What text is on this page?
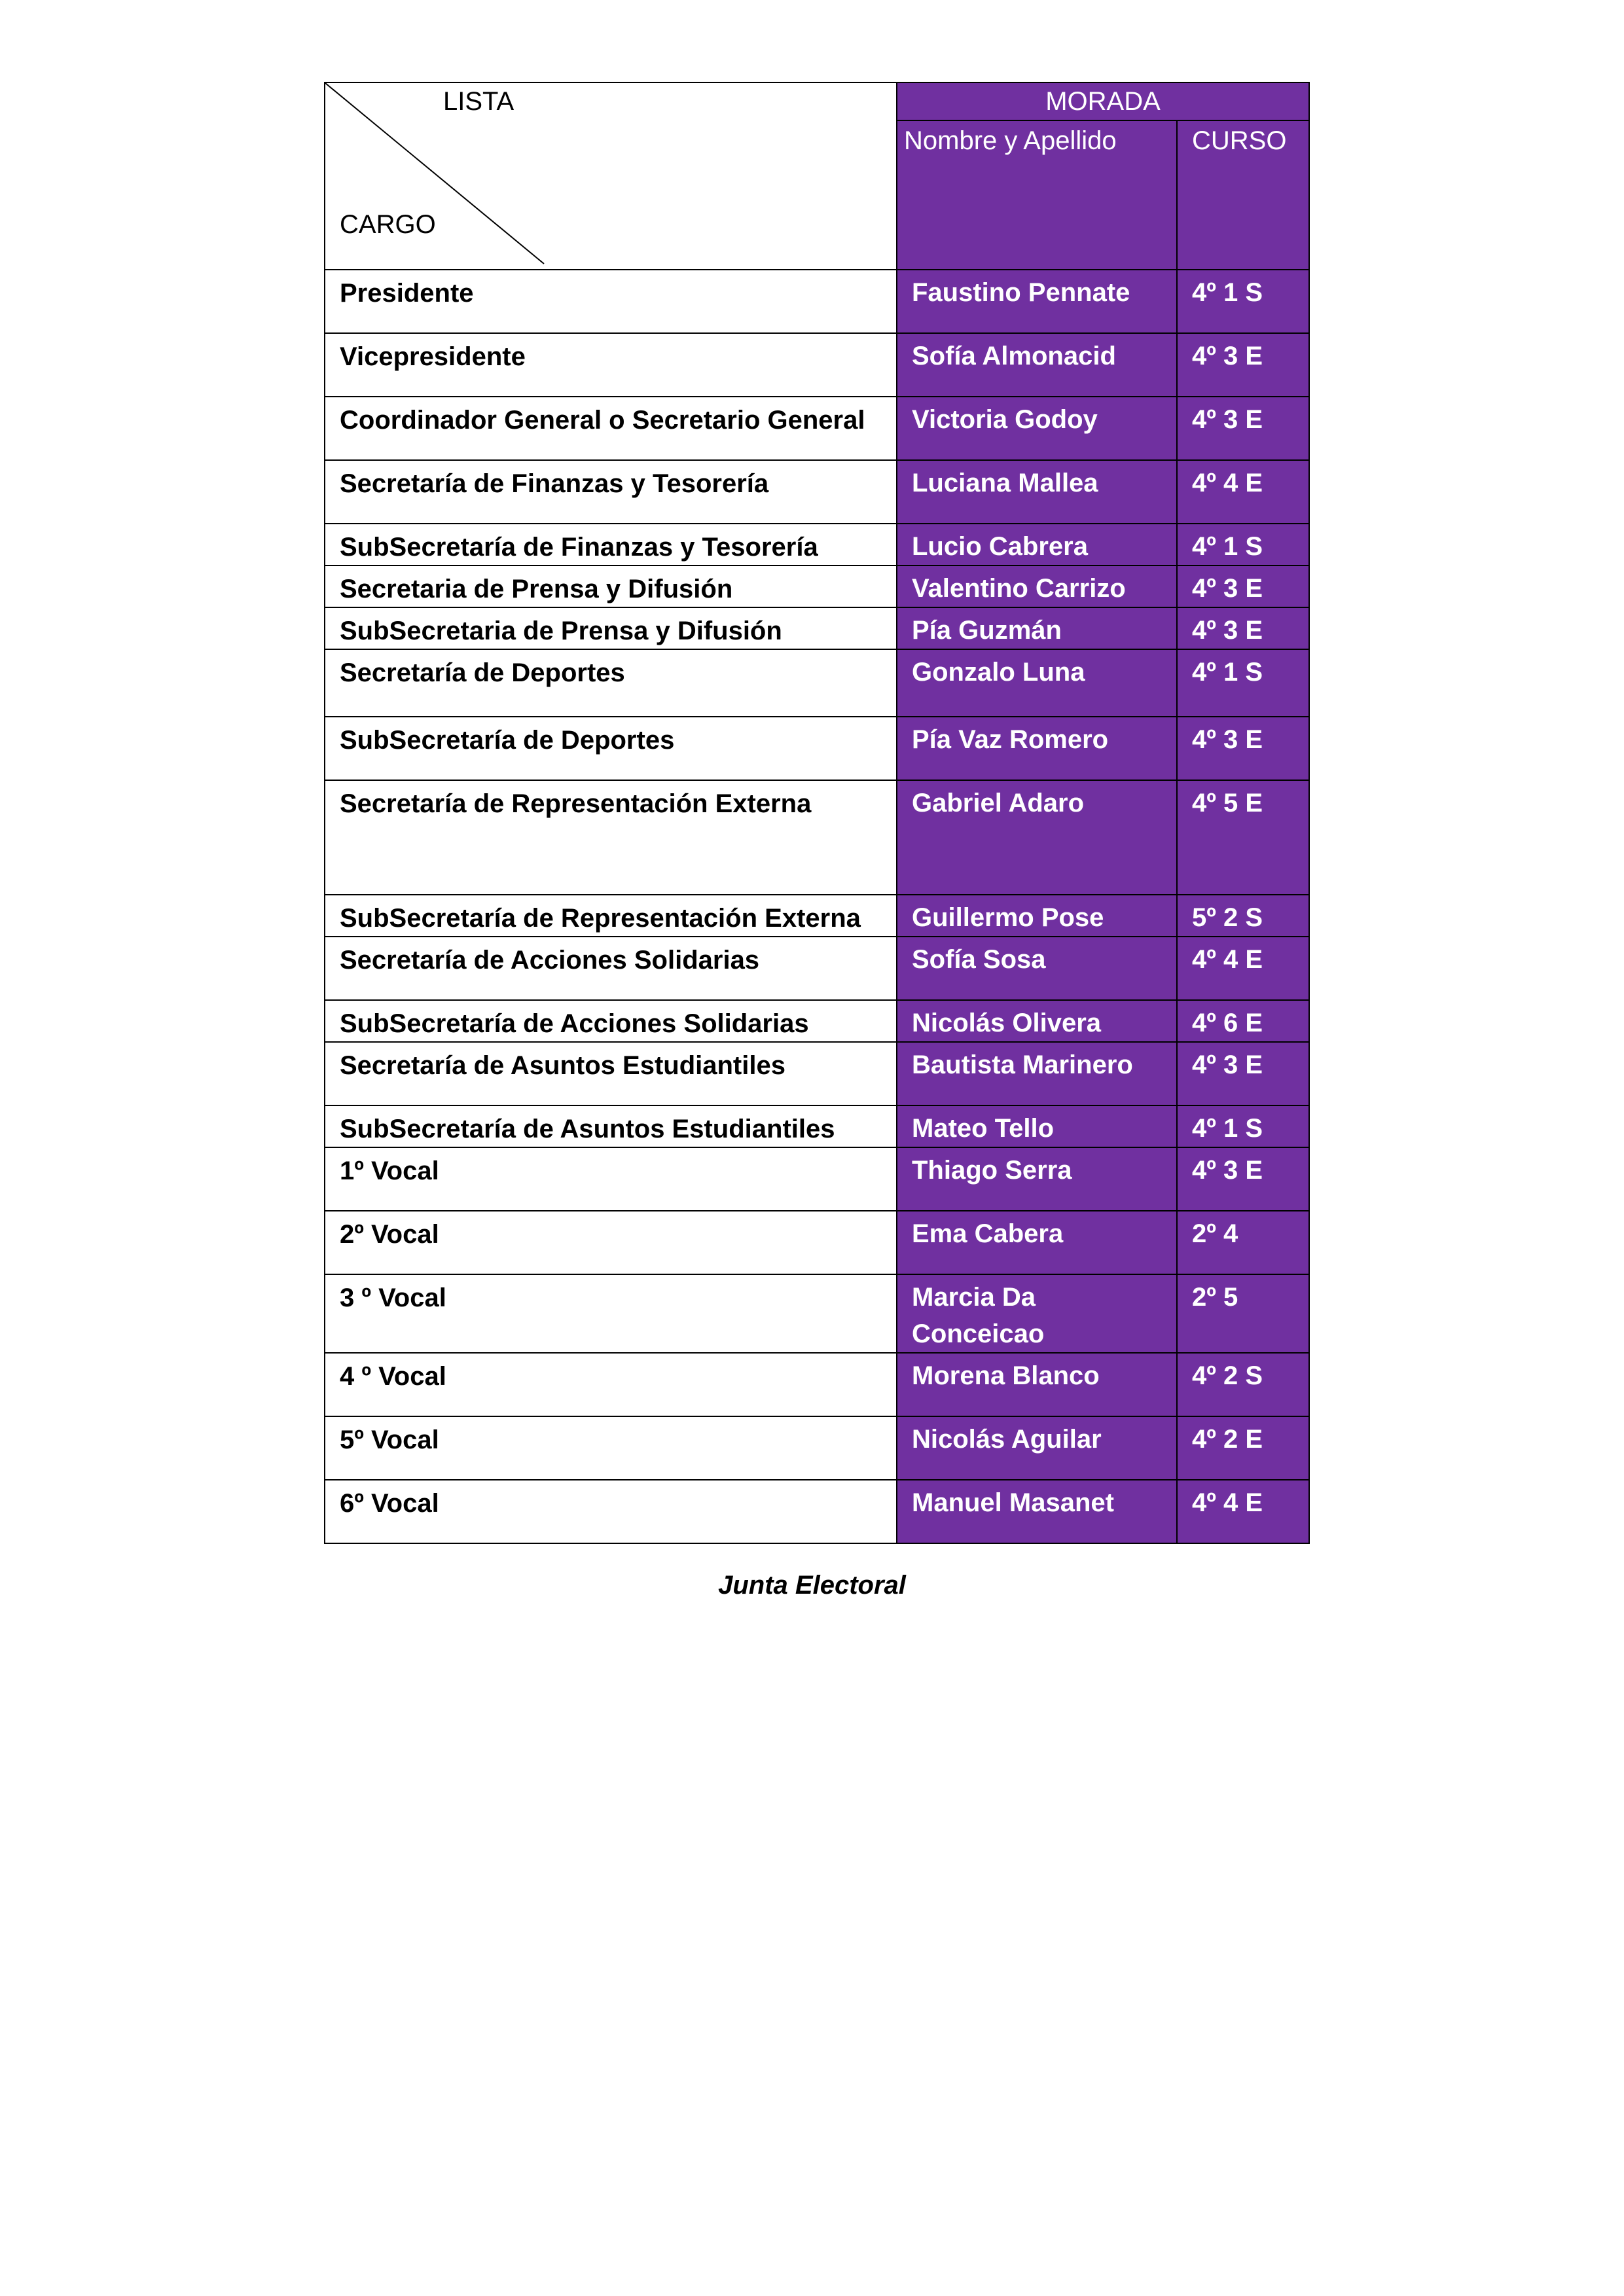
LISTA
CARGO	MORADA	
	Nombre y Apellido	CURSO
Presidente	Faustino Pennate	4º 1 S
Vicepresidente	Sofía Almonacid	4º 3 E
Coordinador General o Secretario General	Victoria Godoy	4º 3 E
Secretaría de Finanzas y Tesorería	Luciana Mallea	4º 4 E
SubSecretaría de Finanzas y Tesorería	Lucio Cabrera	4º 1 S
Secretaria de Prensa y Difusión	Valentino Carrizo	4º 3 E
SubSecretaria de Prensa y Difusión	Pía Guzmán	4º 3 E
Secretaría de Deportes	Gonzalo Luna	4º 1 S
SubSecretaría de Deportes	Pía Vaz Romero	4º 3 E
Secretaría de Representación Externa	Gabriel Adaro	4º 5 E
SubSecretaría de Representación Externa	Guillermo Pose	5º 2 S
Secretaría de Acciones Solidarias	Sofía Sosa	4º 4 E
SubSecretaría de Acciones Solidarias	Nicolás Olivera	4º 6 E
Secretaría de Asuntos Estudiantiles	Bautista Marinero	4º 3 E
SubSecretaría de Asuntos Estudiantiles	Mateo Tello	4º 1 S
1º Vocal	Thiago Serra	4º 3 E
2º Vocal	Ema Cabera	2º 4
3 º Vocal	Marcia Da Conceicao	2º 5
4 º Vocal	Morena Blanco	4º 2 S
5º Vocal	Nicolás Aguilar	4º 2 E
6º Vocal	Manuel Masanet	4º 4 E
Junta Electoral
